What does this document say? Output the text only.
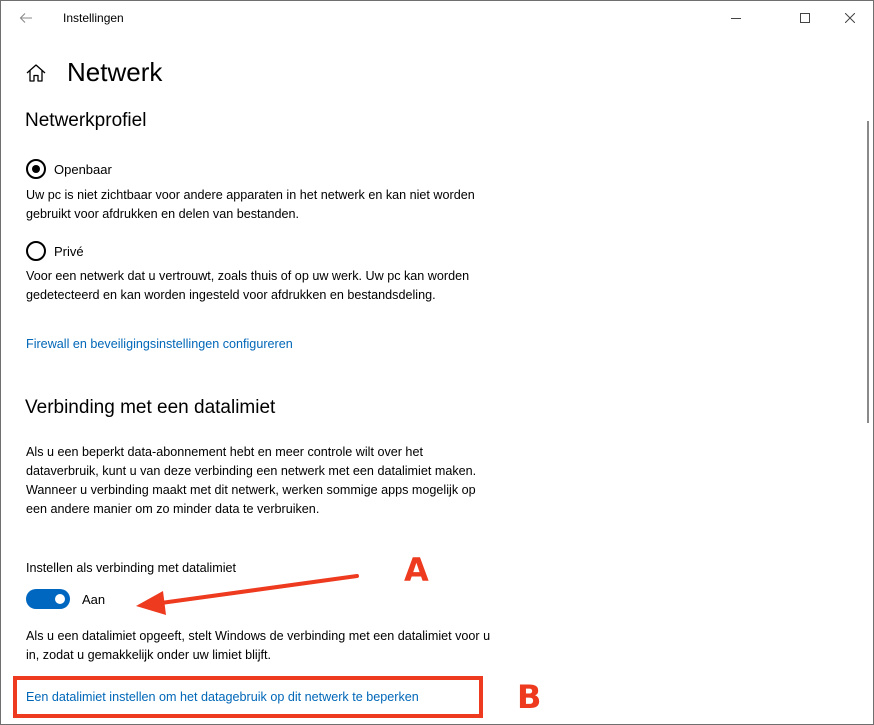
Instellingen
Netwerk
Netwerkprofiel
Openbaar

Uw pc is niet zichtbaar voor andere apparaten in het netwerk en kan niet worden gebruikt voor afdrukken en delen van bestanden.

Privé

Voor een netwerk dat u vertrouwt, zoals thuis of op uw werk. Uw pc kan worden gedetecteerd en kan worden ingesteld voor afdrukken en bestandsdeling.

Firewall en beveiligingsinstellingen configureren
Verbinding met een datalimiet

Als u een beperkt data-abonnement hebt en meer controle wilt over het dataverbruik, kunt u van deze verbinding een netwerk met een datalimiet maken. Wanneer u verbinding maakt met dit netwerk, werken sommige apps mogelijk op een andere manier om zo minder data te verbruiken.

Instellen als verbinding met datalimiet
Aan

Als u een datalimiet opgeeft, stelt Windows de verbinding met een datalimiet voor u in, zodat u gemakkelijk onder uw limiet blijft.

Een datalimiet instellen om het datagebruik op dit netwerk te beperken
A
B
